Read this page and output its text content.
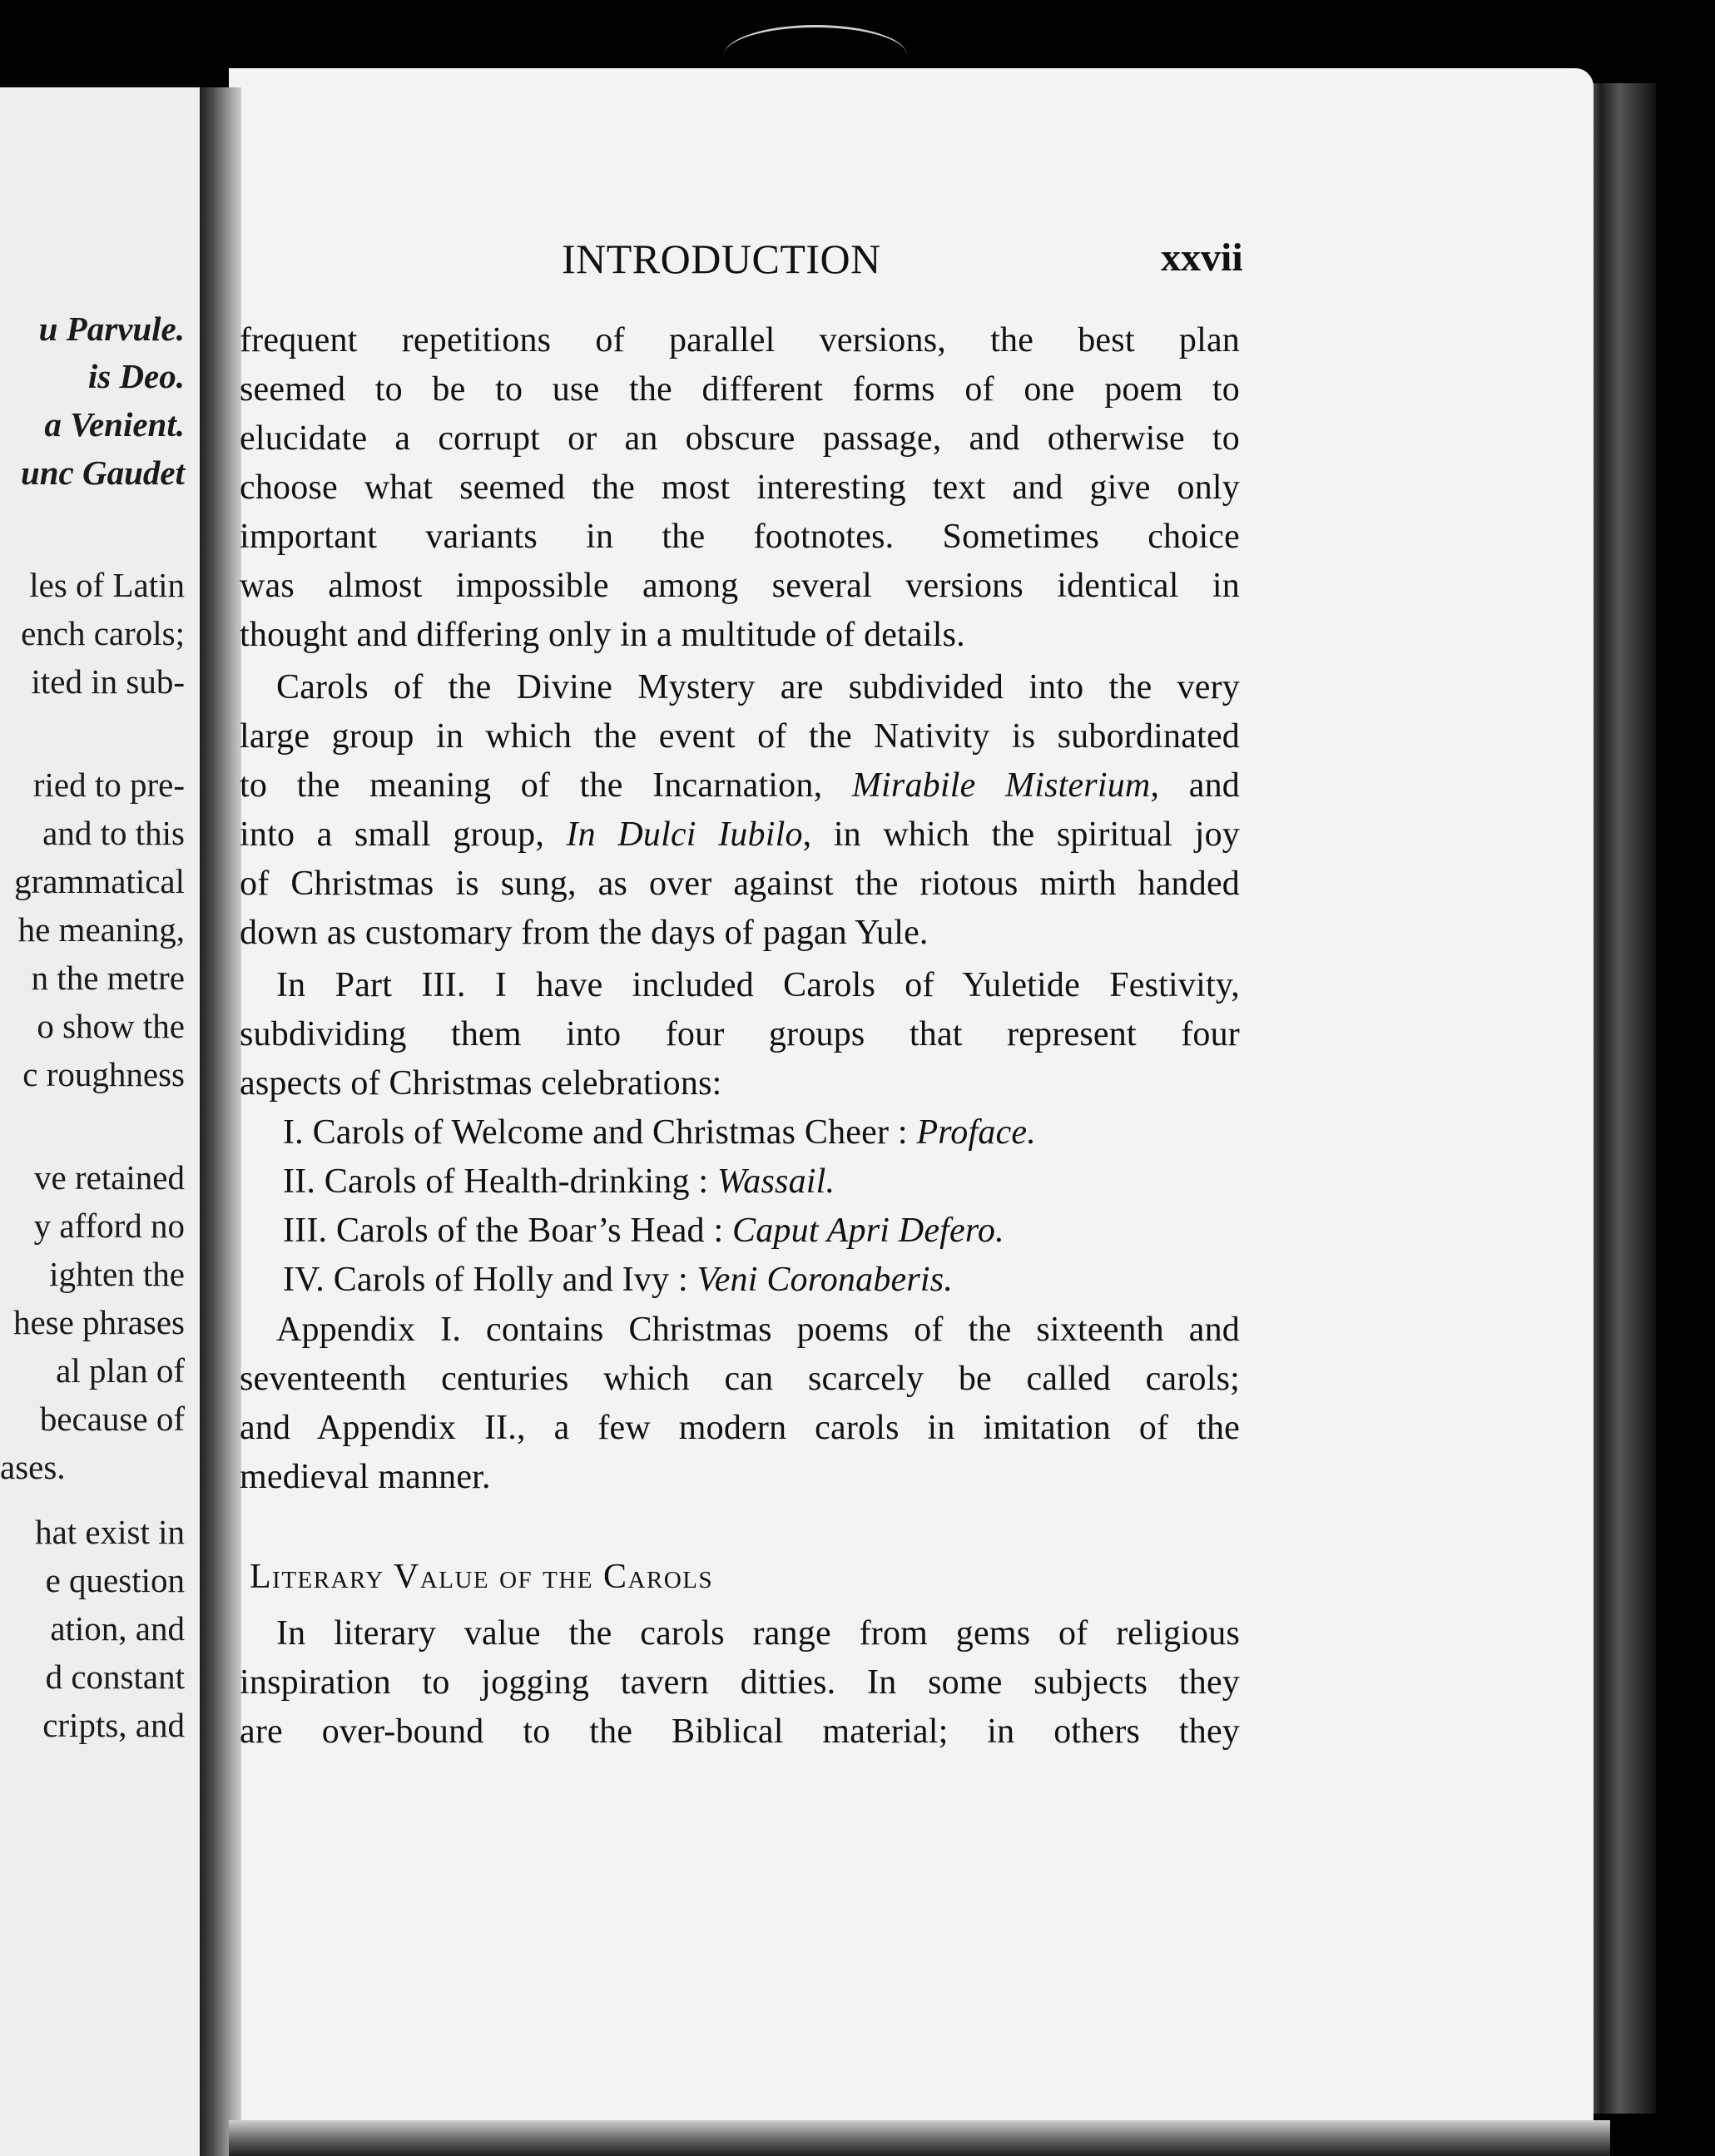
u Parvule.
is Deo.
a Venient.
unc Gaudet
les of Latin
ench carols;
ited in sub-
ried to pre-
and to this
grammatical
he meaning,
n the metre
o show the
c roughness
ve retained
y afford no
ighten the
hese phrases
al plan of
because of
ases.
hat exist in
e question
ation, and
d constant
cripts, and
INTRODUCTION	xxvii
frequent repetitions of parallel versions, the best plan
seemed to be to use the different forms of one poem to
elucidate a corrupt or an obscure passage, and otherwise to
choose what seemed the most interesting text and give only
important variants in the footnotes. Sometimes choice
was almost impossible among several versions identical in
thought and differing only in a multitude of details.
Carols of the Divine Mystery are subdivided into the very
large group in which the event of the Nativity is subordinated
to the meaning of the Incarnation, Mirabile Misterium, and
into a small group, In Dulci Iubilo, in which the spiritual joy
of Christmas is sung, as over against the riotous mirth handed
down as customary from the days of pagan Yule.
In Part III. I have included Carols of Yuletide Festivity,
subdividing them into four groups that represent four
aspects of Christmas celebrations:
I. Carols of Welcome and Christmas Cheer : Proface.
II. Carols of Health-drinking : Wassail.
III. Carols of the Boar’s Head : Caput Apri Defero.
IV. Carols of Holly and Ivy : Veni Coronaberis.
Appendix I. contains Christmas poems of the sixteenth and
seventeenth centuries which can scarcely be called carols;
and Appendix II., a few modern carols in imitation of the
medieval manner.
Literary Value of the Carols
In literary value the carols range from gems of religious
inspiration to jogging tavern ditties. In some subjects they
are over-bound to the Biblical material; in others they
